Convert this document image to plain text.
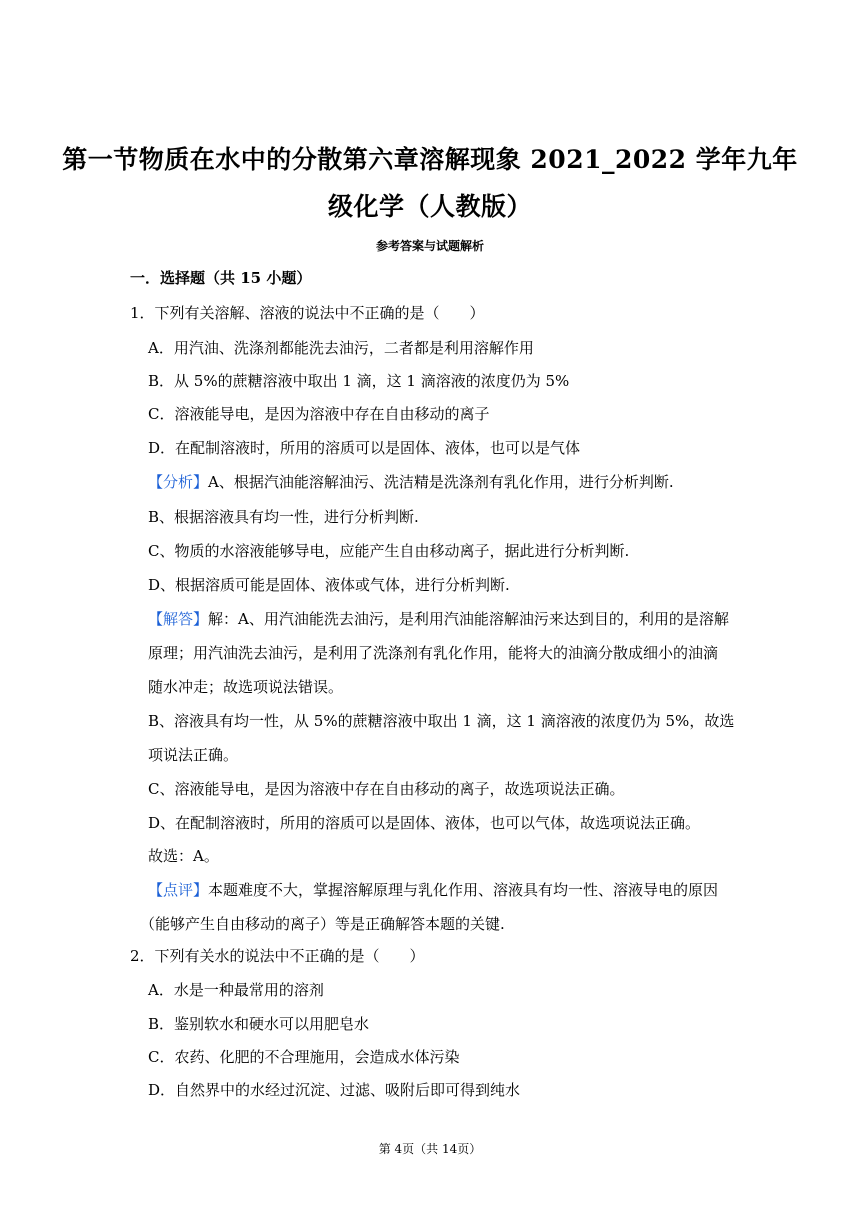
第一节物质在水中的分散第六章溶解现象 2021_2022 学年九年
级化学（人教版）
参考答案与试题解析
一．选择题（共 15 小题）
1．下列有关溶解、溶液的说法中不正确的是（　　）
A．用汽油、洗涤剂都能洗去油污，二者都是利用溶解作用
B．从 5%的蔗糖溶液中取出 1 滴，这 1 滴溶液的浓度仍为 5%
C．溶液能导电，是因为溶液中存在自由移动的离子
D．在配制溶液时，所用的溶质可以是固体、液体，也可以是气体
【分析】A、根据汽油能溶解油污、洗洁精是洗涤剂有乳化作用，进行分析判断.
B、根据溶液具有均一性，进行分析判断.
C、物质的水溶液能够导电，应能产生自由移动离子，据此进行分析判断.
D、根据溶质可能是固体、液体或气体，进行分析判断.
【解答】解：A、用汽油能洗去油污，是利用汽油能溶解油污来达到目的，利用的是溶解
原理；用汽油洗去油污，是利用了洗涤剂有乳化作用，能将大的油滴分散成细小的油滴
随水冲走；故选项说法错误。
B、溶液具有均一性，从 5%的蔗糖溶液中取出 1 滴，这 1 滴溶液的浓度仍为 5%，故选
项说法正确。
C、溶液能导电，是因为溶液中存在自由移动的离子，故选项说法正确。
D、在配制溶液时，所用的溶质可以是固体、液体，也可以气体，故选项说法正确。
故选：A。
【点评】本题难度不大，掌握溶解原理与乳化作用、溶液具有均一性、溶液导电的原因
（能够产生自由移动的离子）等是正确解答本题的关键.
2．下列有关水的说法中不正确的是（　　）
A．水是一种最常用的溶剂
B．鉴别软水和硬水可以用肥皂水
C．农药、化肥的不合理施用，会造成水体污染
D．自然界中的水经过沉淀、过滤、吸附后即可得到纯水
第 4页（共 14页）
